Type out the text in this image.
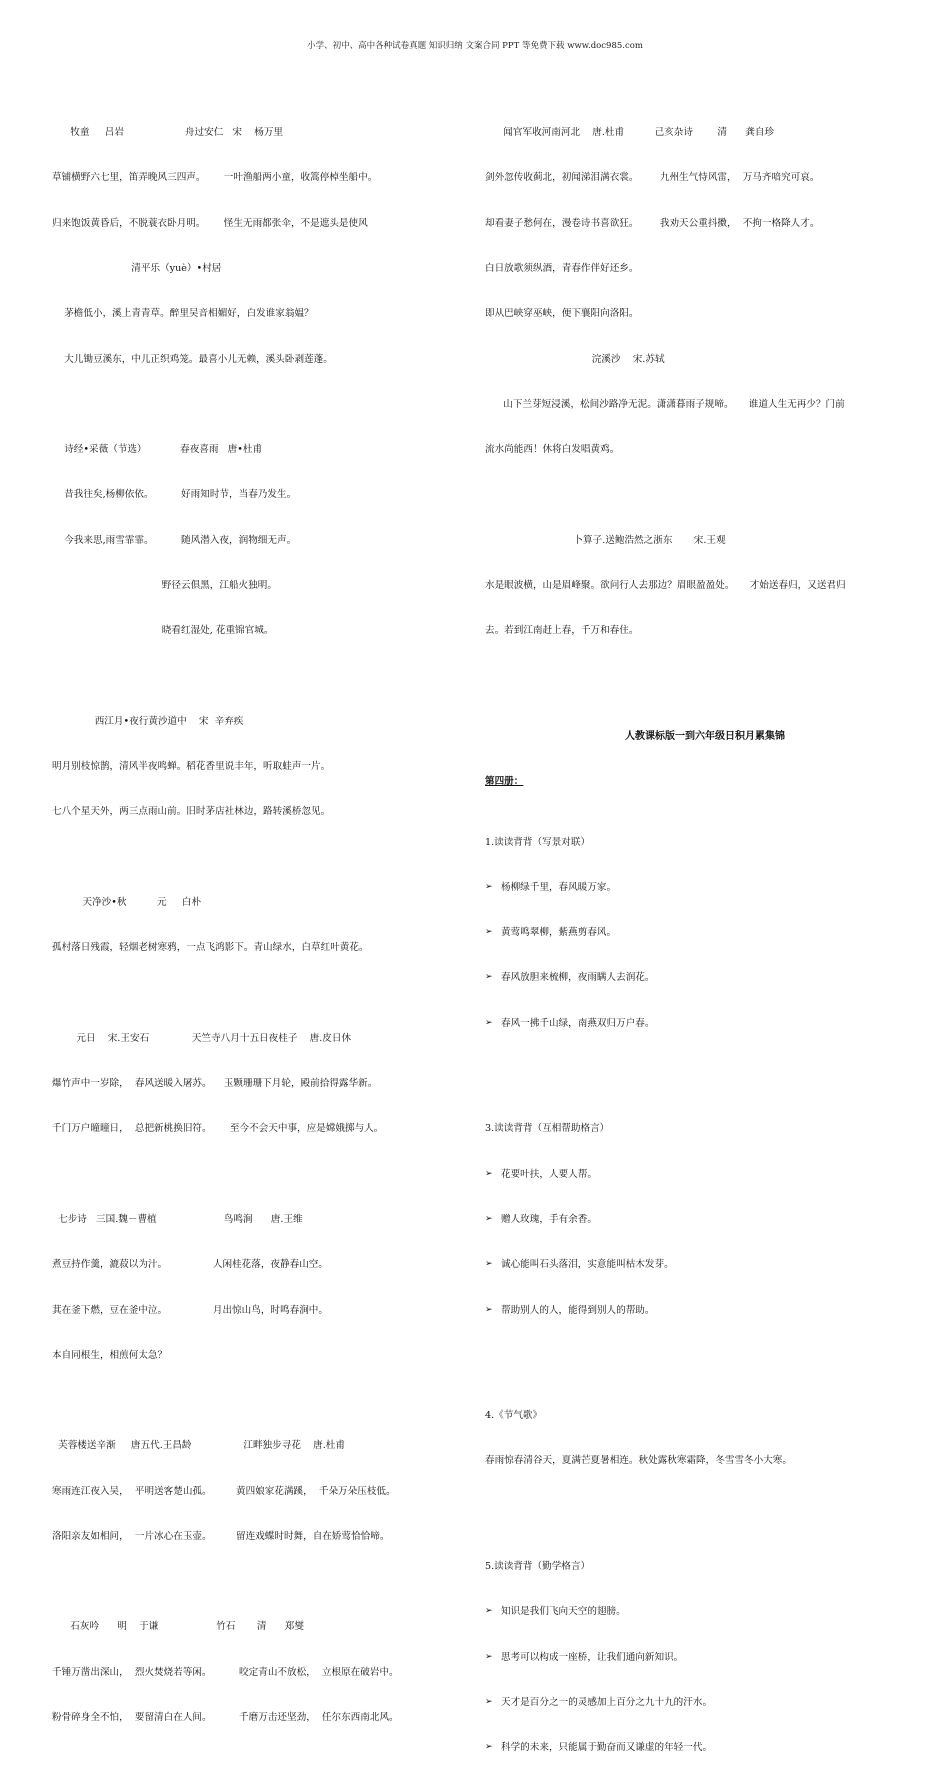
小学、初中、高中各种试卷真题 知识归纳 文案合同 PPT 等免费下载 www.doc985.com

牧童     吕岩                    舟过安仁   宋    杨万里

草铺横野六七里，笛弄晚风三四声。      一叶渔船两小童，收篙停棹坐船中。

归来饱饭黄昏后，不脱蓑衣卧月明。      怪生无雨都张伞，不是遮头是使风

清平乐（yuè）•村居

茅檐低小，溪上青青草。醉里吴音相媚好，白发谁家翁媪？

大儿锄豆溪东，中儿正织鸡笼。最喜小儿无赖，溪头卧剥莲蓬。

诗经•采薇（节选）           春夜喜雨   唐•杜甫

昔我往矣,杨柳依依。         好雨知时节，当春乃发生。

今我来思,雨雪霏霏。         随风潜入夜，润物细无声。

野径云俱黑，江船火独明。

晓看红湿处, 花重锦官城。

西江月•夜行黄沙道中    宋  辛弃疾

明月别枝惊鹊，清风半夜鸣蝉。稻花香里说丰年，听取蛙声一片。

七八个星天外，两三点雨山前。旧时茅店社林边，路转溪桥忽见。

天净沙•秋          元     白朴

孤村落日残霞，轻烟老树寒鸦，一点飞鸿影下。青山绿水，白草红叶黄花。

元日    宋.王安石              天竺寺八月十五日夜桂子    唐.皮日休

爆竹声中一岁除，  春风送暖入屠苏。    玉颗珊珊下月轮，殿前拾得露华新。

千门万户曈曈日，  总把新桃换旧符。      至今不会天中事，应是嫦娥掷与人。

七步诗   三国.魏－曹植                      鸟鸣涧      唐.王维

煮豆持作羹，漉菽以为汁。               人闲桂花落，夜静春山空。

萁在釜下燃，豆在釜中泣。               月出惊山鸟，时鸣春涧中。

本自同根生，相煎何太急？

芙蓉楼送辛渐     唐五代.王昌龄                 江畔独步寻花    唐.杜甫

寒雨连江夜入吴，  平明送客楚山孤。        黄四娘家花满蹊，  千朵万朵压枝低。

洛阳亲友如相问，  一片冰心在玉壶。        留连戏蝶时时舞，自在娇莺恰恰啼。

石灰吟      明    于谦                   竹石       清      郑燮

千锤万凿出深山，  烈火焚烧若等闲。         咬定青山不放松，  立根原在破岩中。

粉骨碎身全不怕，  要留清白在人间。         千磨万击还坚劲，  任尔东西南北风。

闻官军收河南河北    唐.杜甫          己亥杂诗        清      龚自珍

剑外忽传收蓟北，初闻涕泪满衣裳。       九州生气恃风雷，  万马齐喑究可哀。

却看妻子愁何在，漫卷诗书喜欲狂。       我劝天公重抖擞，  不拘一格降人才。

白日放歌须纵酒，青春作伴好还乡。

即从巴峡穿巫峡，便下襄阳向洛阳。

浣溪沙    宋.苏轼

山下兰芽短浸溪，松间沙路净无泥。潇潇暮雨子规啼。     谁道人生无再少？门前

流水尚能西！休将白发唱黄鸡。

卜算子.送鲍浩然之浙东       宋.王观

水是眼波横，山是眉峰聚。欲问行人去那边？眉眼盈盈处。     才始送春归，又送君归

去。若到江南赶上春，千万和春住。

人教课标版一到六年级日积月累集锦

第四册：

1.读读背背（写景对联）

➢ 杨柳绿千里，春风暖万家。

➢ 黄莺鸣翠柳，紫燕剪春风。

➢ 春风放胆来梳柳，夜雨瞒人去润花。

➢ 春风一拂千山绿，南燕双归万户春。

3.读读背背（互相帮助格言）

➢ 花要叶扶，人要人帮。

➢ 赠人玫瑰，手有余香。

➢ 诚心能叫石头落泪，实意能叫枯木发芽。

➢ 帮助别人的人，能得到别人的帮助。

4.《节气歌》

春雨惊春清谷天，夏满芒夏暑相连。秋处露秋寒霜降，冬雪雪冬小大寒。

5.读读背背（勤学格言）

➢ 知识是我们飞向天空的翅膀。

➢ 思考可以构成一座桥，让我们通向新知识。

➢ 天才是百分之一的灵感加上百分之九十九的汗水。

➢ 科学的未来，只能属于勤奋而又谦虚的年轻一代。
